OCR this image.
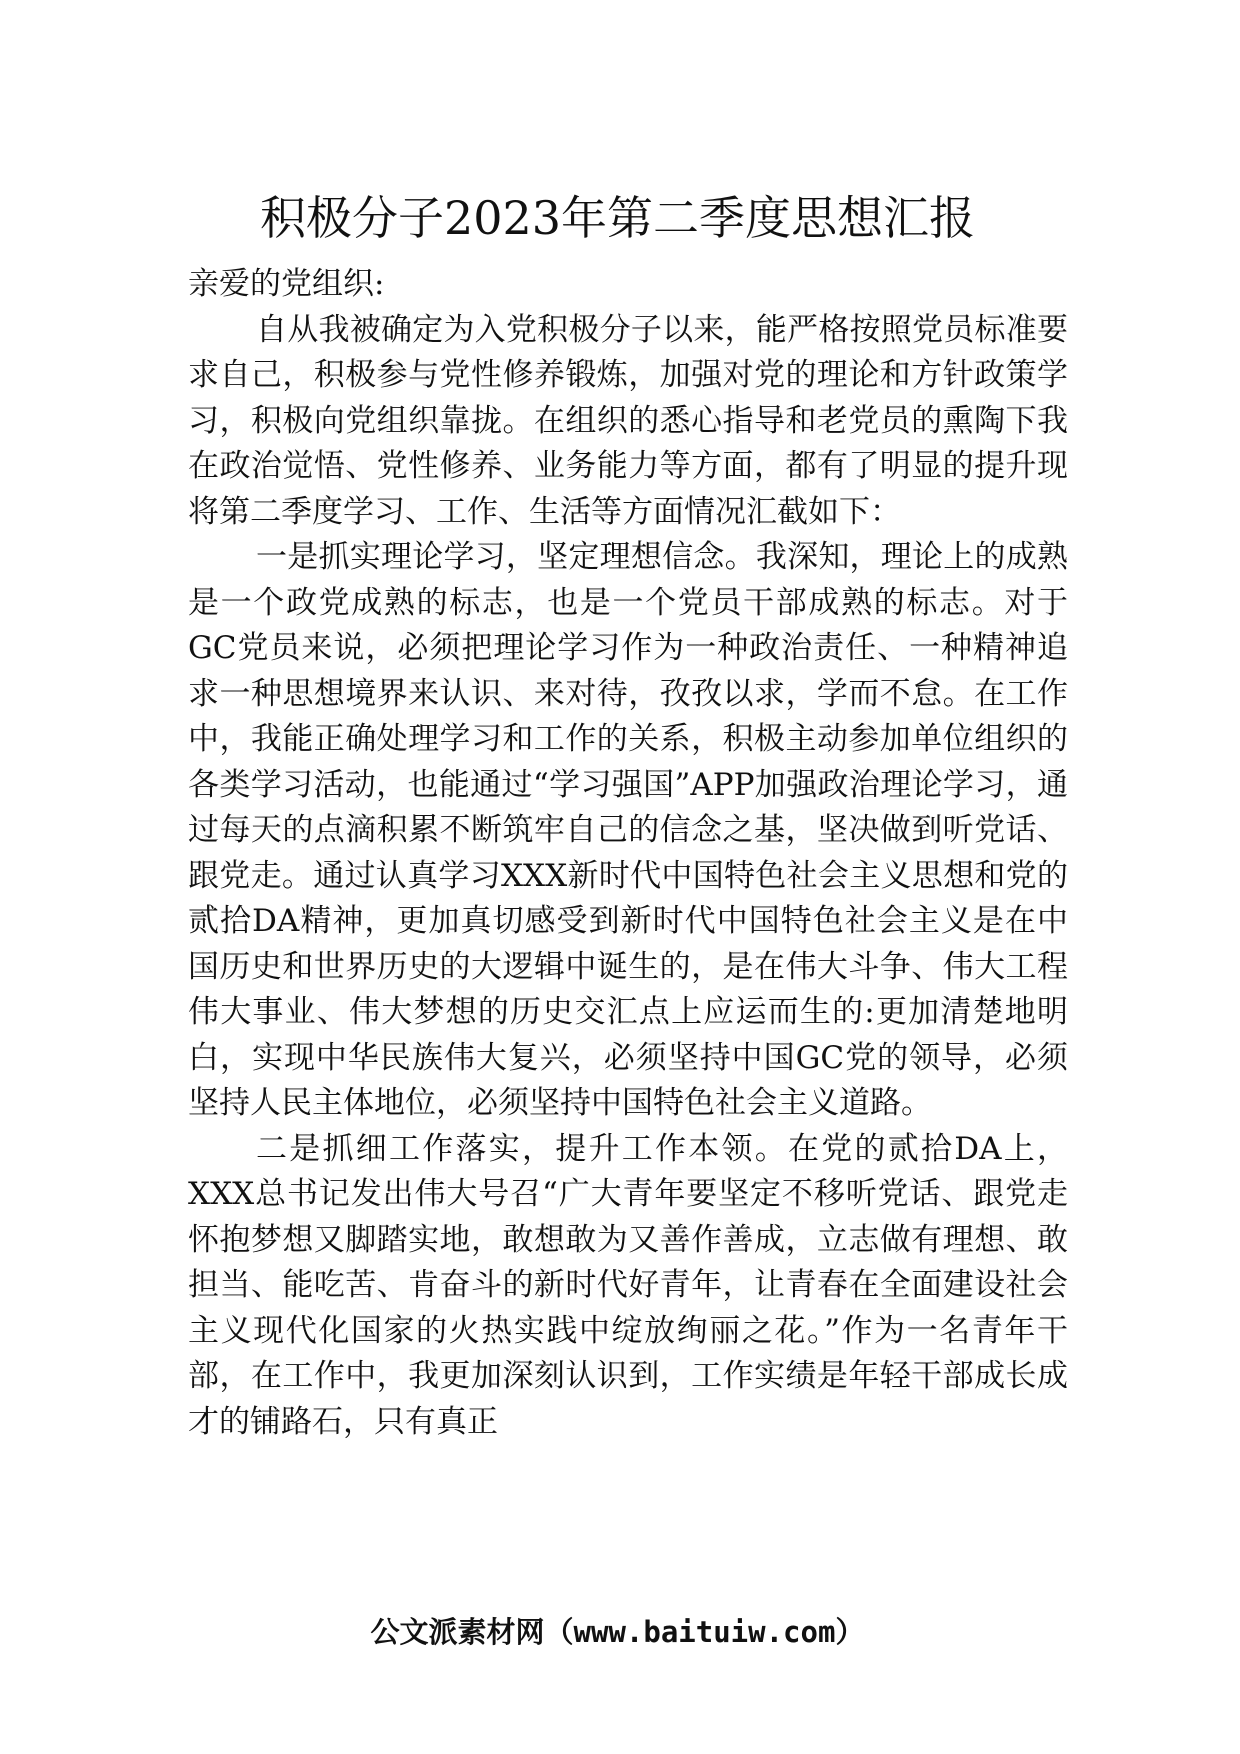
积极分子2023年第二季度思想汇报

亲爱的党组织:

自从我被确定为入党积极分子以来，能严格按照党员标准要求自己，积极参与党性修养锻炼，加强对党的理论和方针政策学习，积极向党组织靠拢。在组织的悉心指导和老党员的熏陶下我在政治觉悟、党性修养、业务能力等方面，都有了明显的提升现将第二季度学习、工作、生活等方面情况汇截如下：

一是抓实理论学习，坚定理想信念。我深知，理论上的成熟是一个政党成熟的标志，也是一个党员干部成熟的标志。对于GC党员来说，必须把理论学习作为一种政治责任、一种精神追求一种思想境界来认识、来对待，孜孜以求，学而不怠。在工作中，我能正确处理学习和工作的关系，积极主动参加单位组织的各类学习活动，也能通过“学习强国”APP加强政治理论学习，通过每天的点滴积累不断筑牢自己的信念之基，坚决做到听党话、跟党走。通过认真学习XXX新时代中国特色社会主义思想和党的贰拾DA精神，更加真切感受到新时代中国特色社会主义是在中国历史和世界历史的大逻辑中诞生的，是在伟大斗争、伟大工程伟大事业、伟大梦想的历史交汇点上应运而生的:更加清楚地明白，实现中华民族伟大复兴，必须坚持中国GC党的领导，必须坚持人民主体地位，必须坚持中国特色社会主义道路。

二是抓细工作落实，提升工作本领。在党的贰拾DA上，XXX总书记发出伟大号召“广大青年要坚定不移听党话、跟党走怀抱梦想又脚踏实地，敢想敢为又善作善成，立志做有理想、敢担当、能吃苦、肯奋斗的新时代好青年，让青春在全面建设社会主义现代化国家的火热实践中绽放绚丽之花。”作为一名青年干部，在工作中，我更加深刻认识到，工作实绩是年轻干部成长成才的铺路石，只有真正

公文派素材网（www.baituiw.com）
